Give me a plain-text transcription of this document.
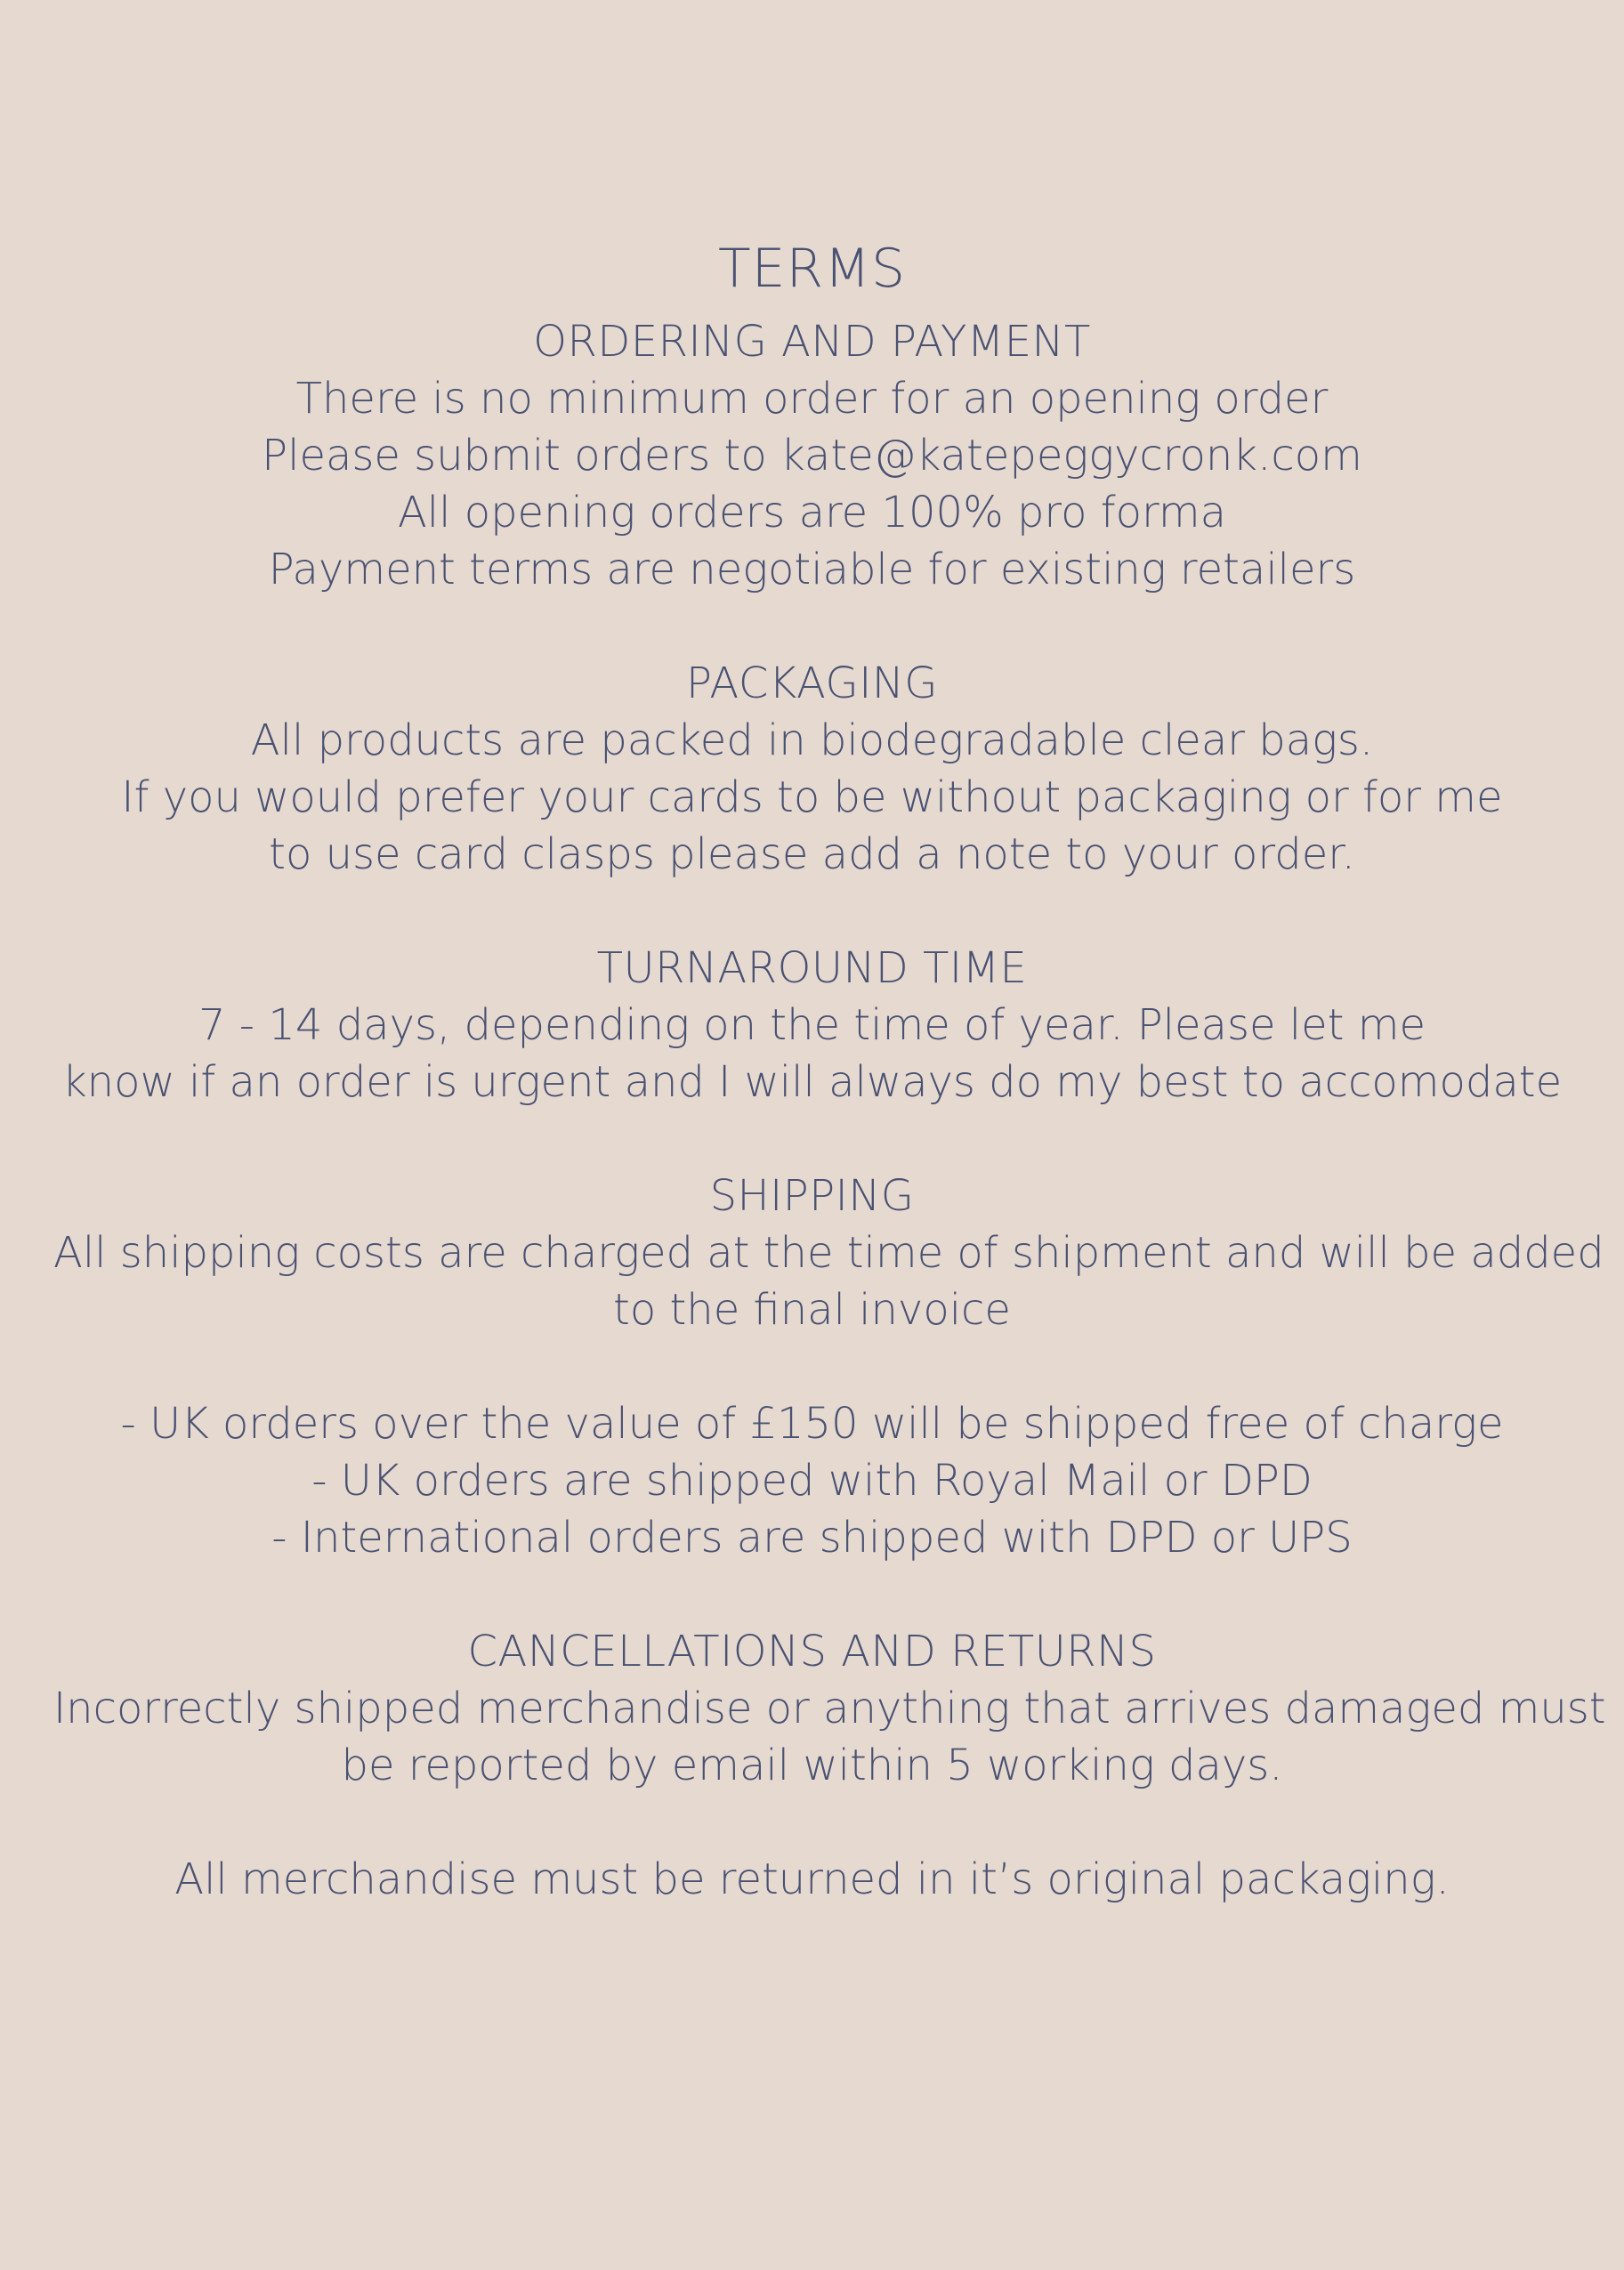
TERMS

ORDERING AND PAYMENT

There is no minimum order for an opening order

Please submit orders to kate@katepeggycronk.com

All opening orders are 100% pro forma

Payment terms are negotiable for existing retailers

PACKAGING

All products are packed in biodegradable clear bags.

If you would prefer your cards to be without packaging or for me

to use card clasps please add a note to your order.

TURNAROUND TIME

7 - 14 days, depending on the time of year. Please let me

know if an order is urgent and I will always do my best to accomodate

SHIPPING

All shipping costs are charged at the time of shipment and will be added

to the final invoice

- UK orders over the value of £150 will be shipped free of charge

- UK orders are shipped with Royal Mail or DPD

- International orders are shipped with DPD or UPS

CANCELLATIONS AND RETURNS

Incorrectly shipped merchandise or anything that arrives damaged must

be reported by email within 5 working days.

All merchandise must be returned in it’s original packaging.
